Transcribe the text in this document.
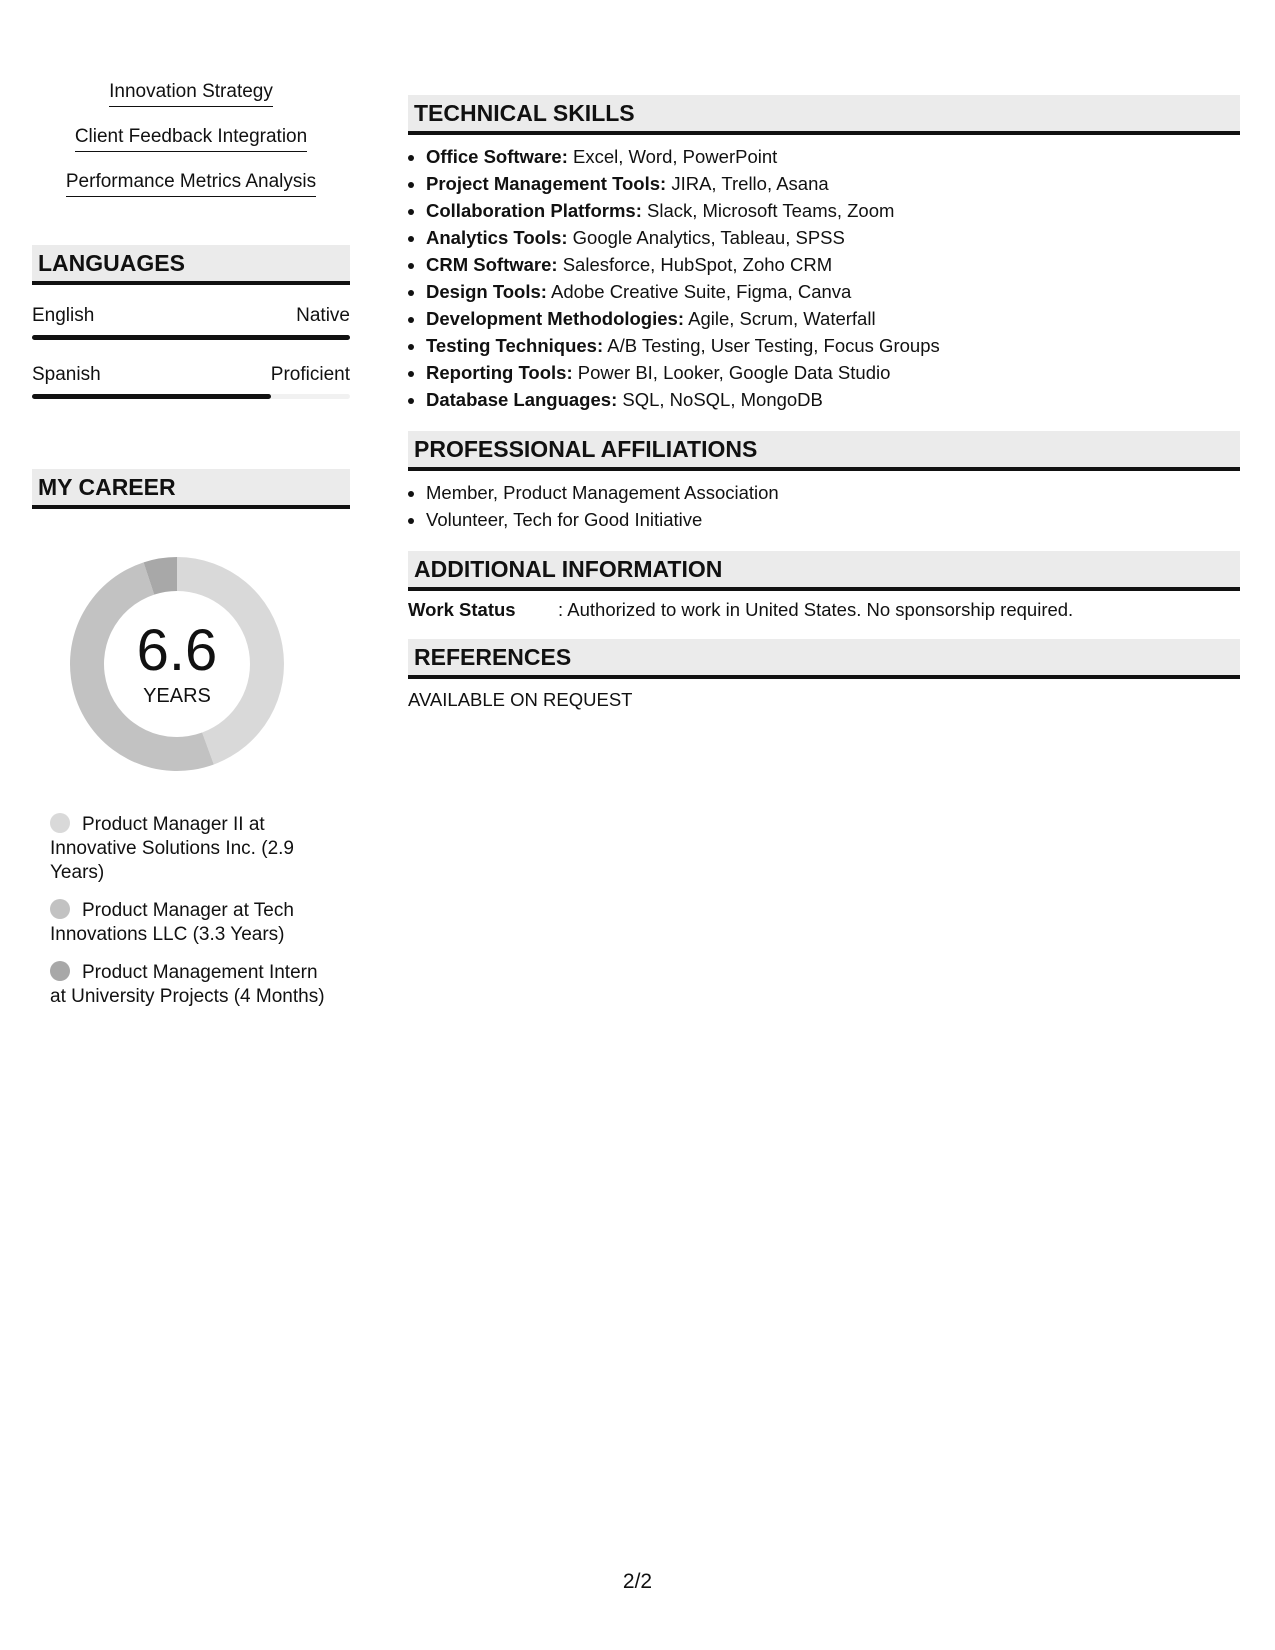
Innovation Strategy
Client Feedback Integration
Performance Metrics Analysis
LANGUAGES
English	Native
Spanish	Proficient
MY CAREER
6.6
YEARS
Product Manager II at Innovative Solutions Inc. (2.9 Years)
Product Manager at Tech Innovations LLC (3.3 Years)
Product Management Intern at University Projects (4 Months)
TECHNICAL SKILLS
• Office Software: Excel, Word, PowerPoint
• Project Management Tools: JIRA, Trello, Asana
• Collaboration Platforms: Slack, Microsoft Teams, Zoom
• Analytics Tools: Google Analytics, Tableau, SPSS
• CRM Software: Salesforce, HubSpot, Zoho CRM
• Design Tools: Adobe Creative Suite, Figma, Canva
• Development Methodologies: Agile, Scrum, Waterfall
• Testing Techniques: A/B Testing, User Testing, Focus Groups
• Reporting Tools: Power BI, Looker, Google Data Studio
• Database Languages: SQL, NoSQL, MongoDB
PROFESSIONAL AFFILIATIONS
• Member, Product Management Association
• Volunteer, Tech for Good Initiative
ADDITIONAL INFORMATION
Work Status	: Authorized to work in United States. No sponsorship required.
REFERENCES
AVAILABLE ON REQUEST
2/2
